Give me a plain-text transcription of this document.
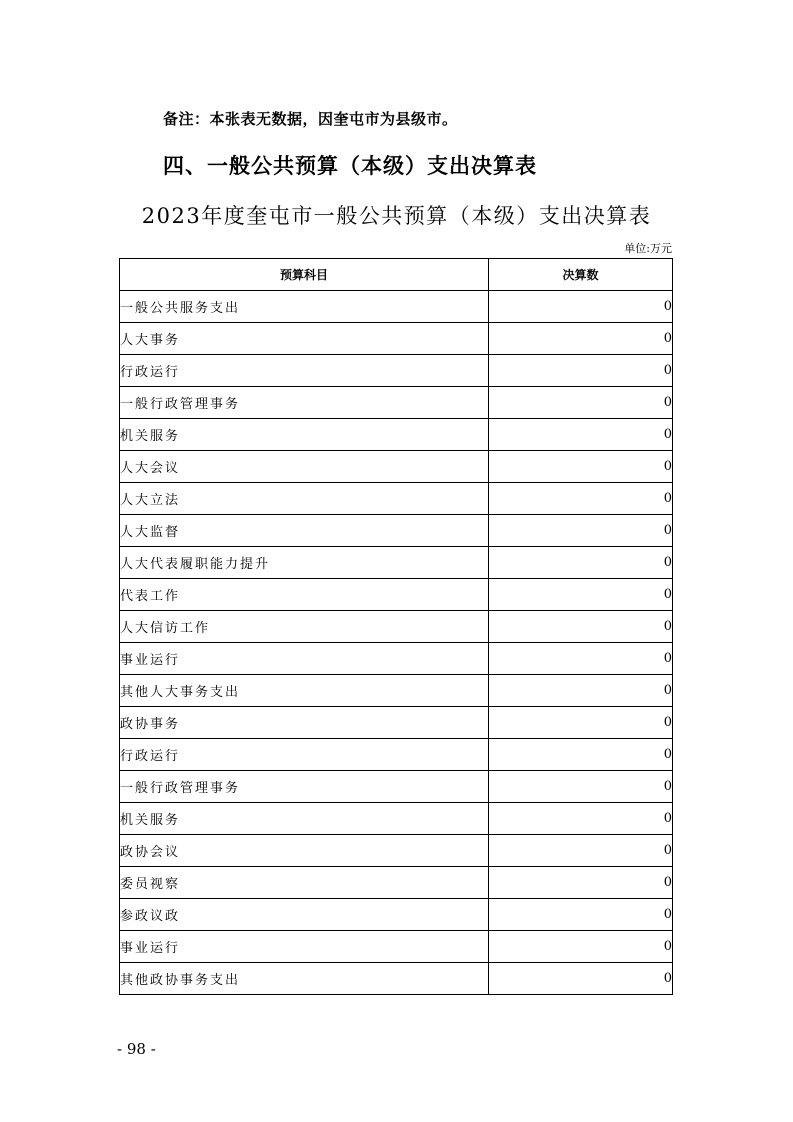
备注：本张表无数据，因奎屯市为县级市。
四、一般公共预算（本级）支出决算表
2023年度奎屯市一般公共预算（本级）支出决算表
单位:万元
预算科目	决算数
一般公共服务支出	0
人大事务	0
行政运行	0
一般行政管理事务	0
机关服务	0
人大会议	0
人大立法	0
人大监督	0
人大代表履职能力提升	0
代表工作	0
人大信访工作	0
事业运行	0
其他人大事务支出	0
政协事务	0
行政运行	0
一般行政管理事务	0
机关服务	0
政协会议	0
委员视察	0
参政议政	0
事业运行	0
其他政协事务支出	0
- 98 -
